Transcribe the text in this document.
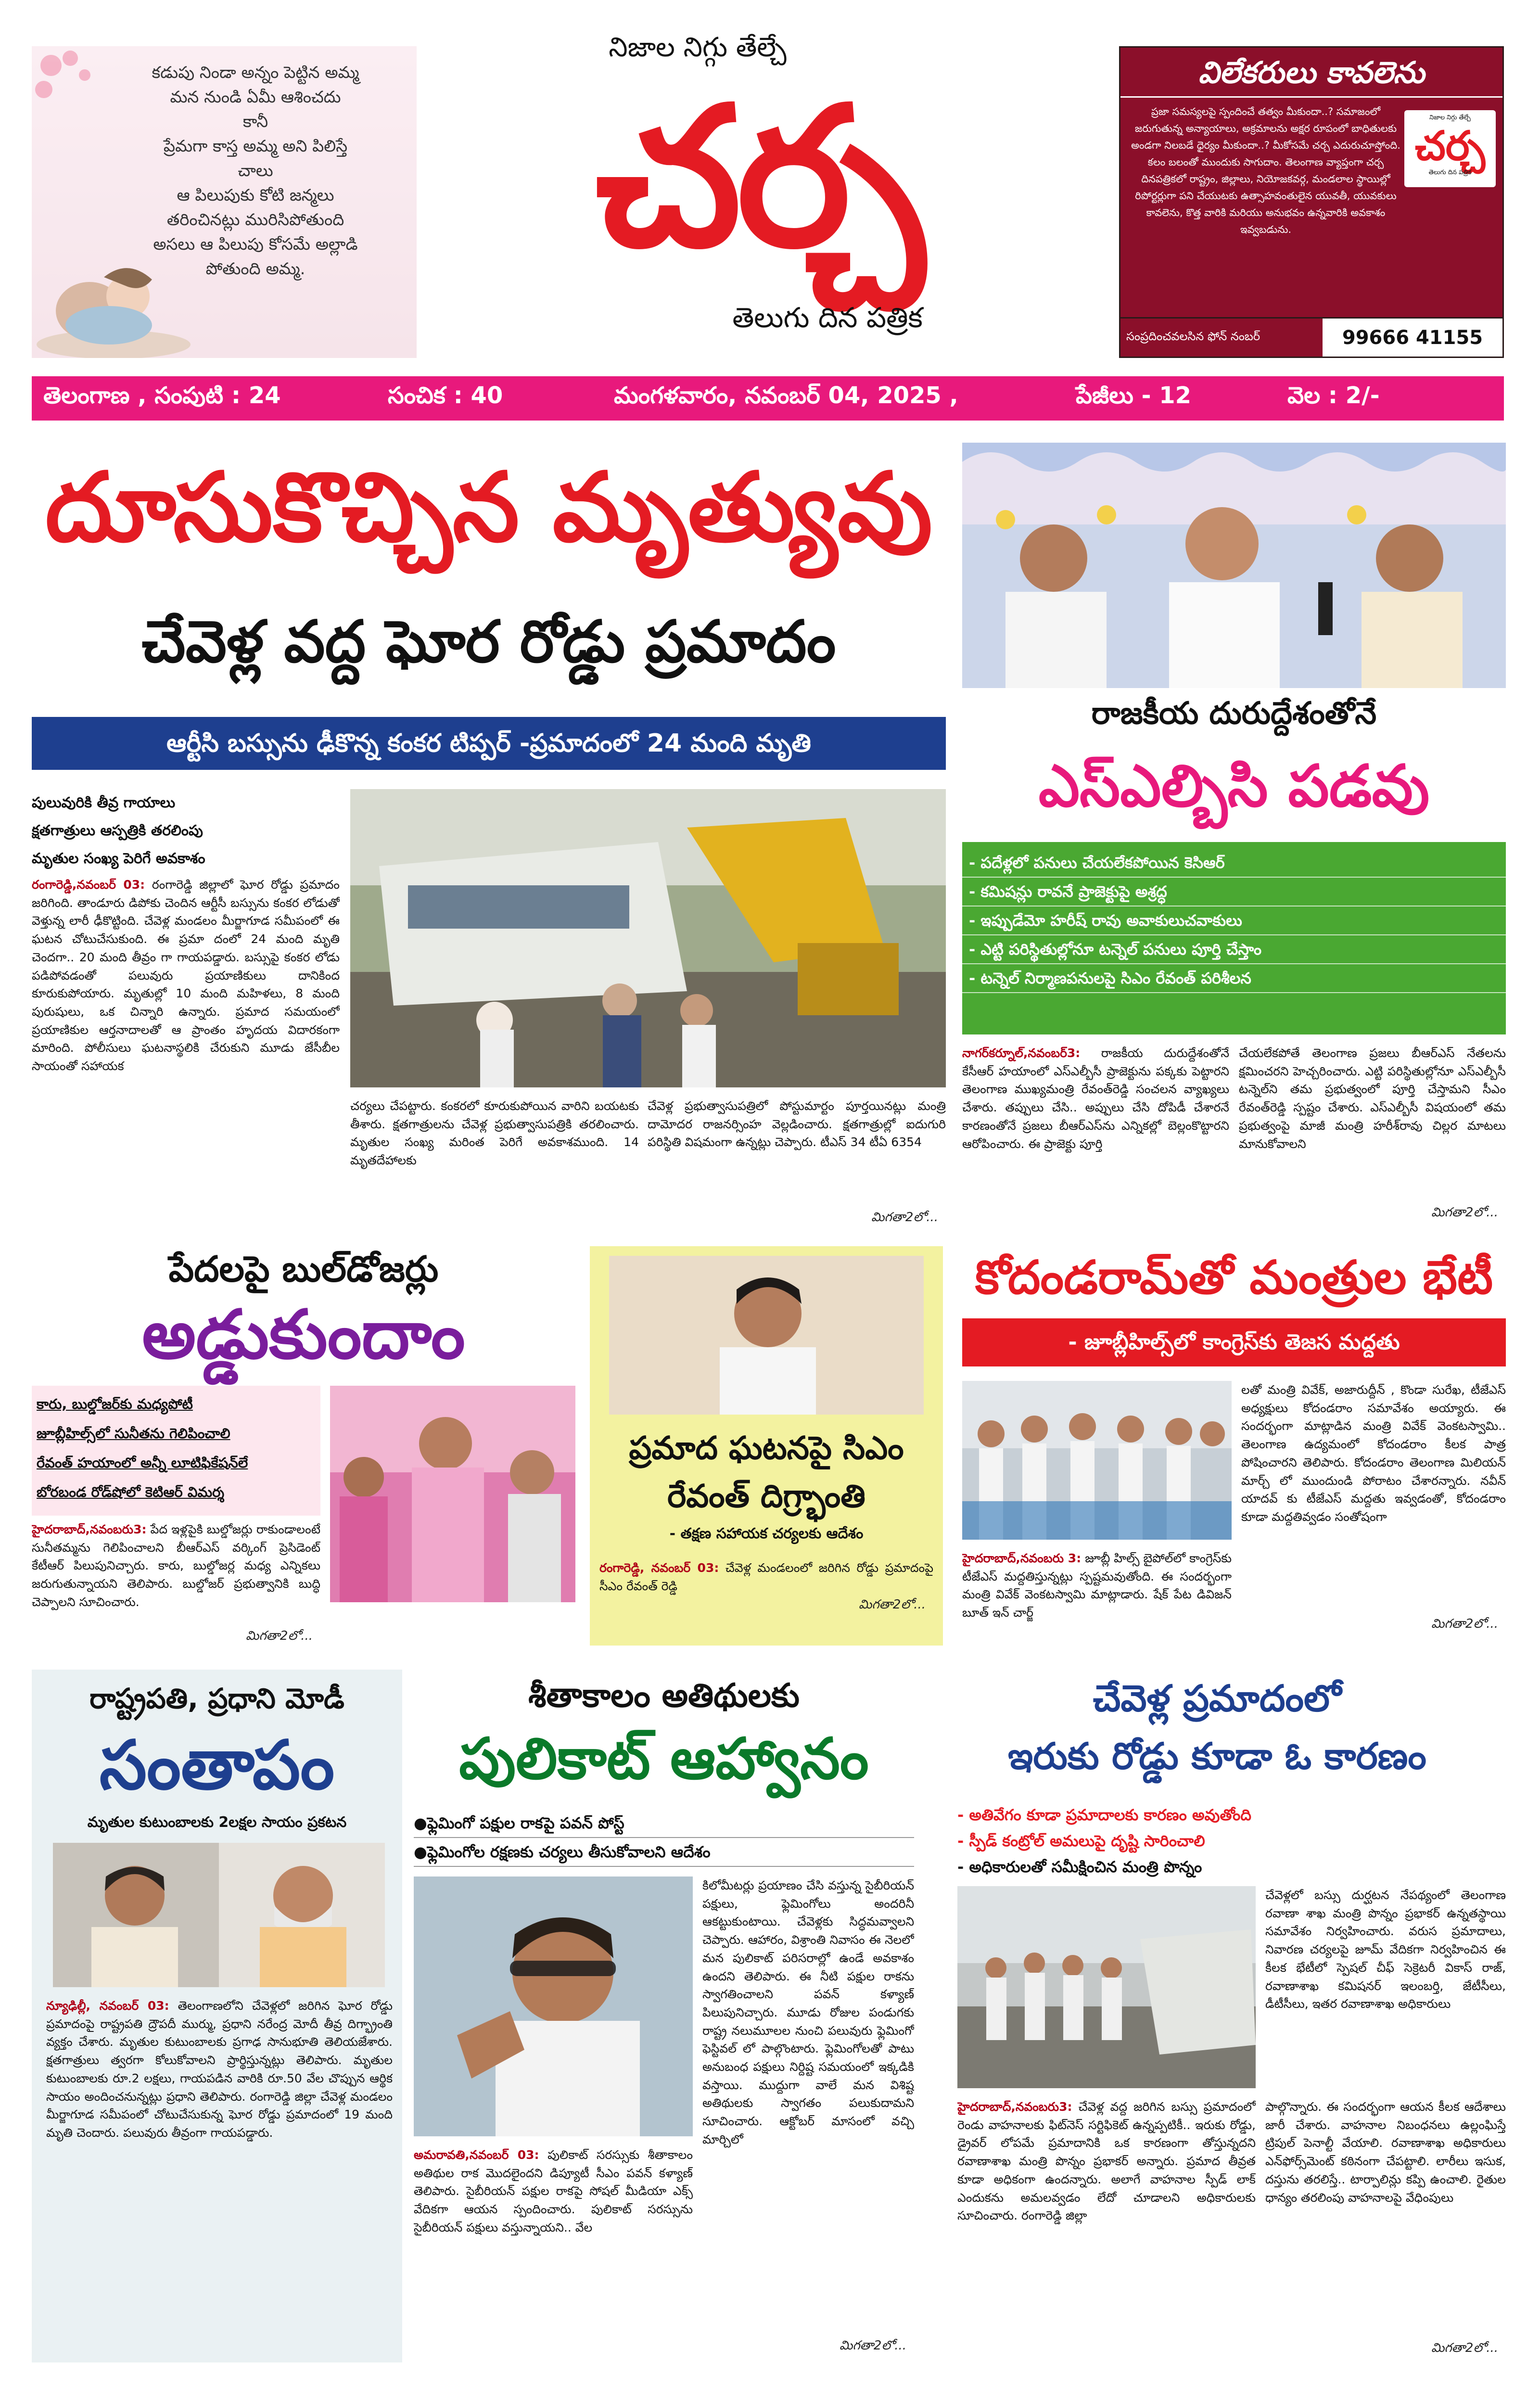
కడుపు నిండా అన్నం పెట్టిన అమ్మ
మన నుండి ఏమీ ఆశించదు
కానీ
ప్రేమగా కాస్త అమ్మ అని పిలిస్తే
చాలు
ఆ పిలుపుకు కోటి జన్మలు
తరించినట్లు మురిసిపోతుంది
అసలు ఆ పిలుపు కోసమే అల్లాడి
పోతుంది అమ్మ.
నిజాల నిగ్గు తేల్చే
చర్చ
తెలుగు దిన పత్రిక
విలేకరులు కావలెను
ప్రజా సమస్యలపై స్పందించే తత్వం మీకుందా..? సమాజంలో జరుగుతున్న అన్యాయాలు, అక్రమాలను అక్షర రూపంలో బాధితులకు అండగా నిలబడే ధైర్యం మీకుందా..? మీకోసమే చర్చ ఎదురుచూస్తోంది. కలం బలంతో ముందుకు సాగుదాం. తెలంగాణ వ్యాప్తంగా చర్చ దినపత్రికలో రాష్ట్రం, జిల్లాలు, నియోజకవర్గ, మండలాల స్థాయిల్లో రిపోర్టర్లుగా పని చేయుటకు ఉత్సాహవంతులైన యువతీ, యువకులు కావలెను, కొత్త వారికి మరియు అనుభవం ఉన్నవారికి అవకాశం ఇవ్వబడును.
నిజాల నిగ్గు తేల్చే
చర్చ
తెలుగు దిన పత్రిక
సంప్రదించవలసిన ఫోన్ నంబర్	99666 41155
తెలంగాణ , సంపుటి : 24	సంచిక : 40	మంగళవారం, నవంబర్ 04, 2025 ,	పేజీలు - 12	వెల : 2/-
దూసుకొచ్చిన మృత్యువు
చేవెళ్ల వద్ద ఘోర రోడ్డు ప్రమాదం
ఆర్టీసి బస్సును ఢీకొన్న కంకర టిప్పర్ -ప్రమాదంలో 24 మంది మృతి
పులువురికి తీవ్ర గాయాలు
క్షతగాత్రులు ఆస్పత్రికి తరలింపు
మృతుల సంఖ్య పెరిగే అవకాశం
రంగారెడ్డి,నవంబర్ 03: రంగారెడ్డి జిల్లాలో ఘోర రోడ్డు ప్రమాదం జరిగింది. తాండూరు డిపోకు చెందిన ఆర్టీసీ బస్సును కంకర లోడుతో వెళ్తున్న లారీ ఢీకొట్టింది. చేవెళ్ల మండలం మీర్జాగూడ సమీపంలో ఈ ఘటన చోటుచేసుకుంది. ఈ ప్రమా దంలో 24 మంది మృతి చెందగా.. 20 మంది తీవ్రం గా గాయపడ్డారు. బస్సుపై కంకర లోడు పడిపోవడంతో పలువురు ప్రయాణికులు దానికింద కూరుకుపోయారు. మృతుల్లో 10 మంది మహిళలు, 8 మంది పురుషులు, ఒక చిన్నారి ఉన్నారు. ప్రమాద సమయంలో ప్రయాణికుల ఆర్తనాదాలతో ఆ ప్రాంతం హృదయ విదారకంగా మారింది. పోలీసులు ఘటనాస్థలికి చేరుకుని మూడు జేసీబీల సాయంతో సహాయక
చర్యలు చేపట్టారు. కంకరలో కూరుకుపోయిన వారిని బయటకు తీశారు. క్షతగాత్రులను చేవెళ్ల ప్రభుత్వాసుపత్రికి తరలించారు. మృతుల సంఖ్య మరింత పెరిగే అవకాశముంది. 14 మృతదేహాలకు
చేవెళ్ల ప్రభుత్వాసుపత్రిలో పోస్టుమార్టం పూర్తయినట్లు మంత్రి దామోదర రాజనర్సింహ వెల్లడించారు. క్షతగాత్రుల్లో ఐదుగురి పరిస్థితి విషమంగా ఉన్నట్లు చెప్పారు. టీఎస్ 34 టీఏ 6354
మిగతా2లో...
రాజకీయ దురుద్దేశంతోనే
ఎస్ఎల్బిసి పడవు
- పదేళ్లలో పనులు చేయలేకపోయిన కెసిఆర్
- కమిషన్లు రావనే ప్రాజెక్టుపై అశ్రద్ధ
- ఇప్పుడేమో హరీష్ రావు అవాకులుచవాకులు
- ఎట్టి పరిస్థితుల్లోనూ టన్నెల్ పనులు పూర్తి చేస్తాం
- టన్నెల్ నిర్మాణపనులపై సిఎం రేవంత్ పరిశీలన
నాగర్‌కర్నూల్,నవంబర్3: రాజకీయ దురుద్దేశంతోనే కేసీఆర్ హయాంలో ఎస్ఎల్బీసీ ప్రాజెక్టును పక్కకు పెట్టారని తెలంగాణ ముఖ్యమంత్రి రేవంత్‌రెడ్డి సంచలన వ్యాఖ్యలు చేశారు. తప్పులు చేసి.. అప్పులు చేసి దోపిడీ చేశారనే కారణంతోనే ప్రజలు బీఆర్ఎస్‌ను ఎన్నికల్లో బెల్లంకొట్టారని ఆరోపించారు. ఈ ప్రాజెక్టు పూర్తి
చేయలేకపోతే తెలంగాణ ప్రజలు బీఆర్ఎస్ నేతలను క్షమించరని హెచ్చరించారు. ఎట్టి పరిస్థితుల్లోనూ ఎస్ఎల్బీసీ టన్నెల్‌ని తమ ప్రభుత్వంలో పూర్తి చేస్తామని సీఎం రేవంత్‌రెడ్డి స్పష్టం చేశారు. ఎస్ఎల్బీసీ విషయంలో తమ ప్రభుత్వంపై మాజీ మంత్రి హరీశ్‌రావు చిల్లర మాటలు మానుకోవాలని
మిగతా2లో...
పేదలపై బుల్‌డోజర్లు
అడ్డుకుందాం
కారు, బుల్డోజర్‌కు మధ్యపోటీ
జూబ్లీహిల్స్‌లో సునీతను గెలిపించాలి
రేవంత్ హయాంలో అన్నీ లూటిఫికేషన్‌లే
బోరబండ రోడ్‌షోలో కెటిఆర్ విమర్శ
హైదరాబాద్,నవంబరు3: పేద ఇళ్లపైకి బుల్డోజర్లు రాకుండాలంటే సునీతమ్మను గెలిపించాలని బీఆర్ఎస్ వర్కింగ్ ప్రెసిడెంట్ కేటీఆర్ పిలుపునిచ్చారు. కారు, బుల్డోజర్ల మధ్య ఎన్నికలు జరుగుతున్నాయని తెలిపారు. బుల్డోజర్ ప్రభుత్వానికి బుద్ధి చెప్పాలని సూచించారు.
మిగతా2లో...
ప్రమాద ఘటనపై సిఎం రేవంత్ దిగ్ర్భాంతి
- తక్షణ సహాయక చర్యలకు ఆదేశం
రంగారెడ్డి, నవంబర్ 03: చేవెళ్ల మండలంలో జరిగిన రోడ్డు ప్రమాదంపై సీఎం రేవంత్ రెడ్డి
మిగతా2లో...
కోదండరామ్‌తో మంత్రుల భేటీ
- జూబ్లీహిల్స్‌లో కాంగ్రెస్‌కు తెజస మద్దతు
లతో మంత్రి వివేక్, అజారుద్దీన్ , కొండా సురేఖ, టీజేఎస్ అధ్యక్షులు కోదండరాం సమావేశం అయ్యారు. ఈ సందర్భంగా మాట్లాడిన మంత్రి వివేక్ వెంకటస్వామి.. తెలంగాణ ఉద్యమంలో కోదండరాం కీలక పాత్ర పోషించారని తెలిపారు. కోదండరాం తెలంగాణ మిలియన్ మార్చ్ లో ముందుండి పోరాటం చేశారన్నారు. నవీన్ యాదవ్ కు టీజేఎస్ మద్దతు ఇవ్వడంతో, కోదండరాం కూడా మద్దతివ్వడం సంతోషంగా
హైదరాబాద్,నవంబరు 3: జూబ్లీ హిల్స్ బైపోల్‌లో కాంగ్రెస్‌కు టీజేఎస్ మద్దతిస్తున్నట్లు స్పష్టమవుతోంది. ఈ సందర్భంగా మంత్రి వివేక్ వెంకటస్వామి మాట్లాడారు. షేక్ పేట డివిజన్ బూత్ ఇన్ చార్జ్
మిగతా2లో...
రాష్ట్రపతి, ప్రధాని మోడీ
సంతాపం
మృతుల కుటుంబాలకు 2లక్షల సాయం ప్రకటన
న్యూఢిల్లీ, నవంబర్ 03: తెలంగాణలోని చేవెళ్లలో జరిగిన ఘోర రోడ్డు ప్రమాదంపై రాష్ట్రపతి ద్రౌపదీ ముర్ము, ప్రధాని నరేంద్ర మోదీ తీవ్ర దిగ్భ్రాంతి వ్యక్తం చేశారు. మృతుల కుటుంబాలకు ప్రగాఢ సానుభూతి తెలియజేశారు. క్షతగాత్రులు త్వరగా కోలుకోవాలని ప్రార్థిస్తున్నట్లు తెలిపారు. మృతుల కుటుంబాలకు రూ.2 లక్షలు, గాయపడిన వారికి రూ.50 వేల చొప్పున ఆర్థిక సాయం అందించనున్నట్లు ప్రధాని తెలిపారు. రంగారెడ్డి జిల్లా చేవెళ్ల మండలం మీర్జాగూడ సమీపంలో చోటుచేసుకున్న ఘోర రోడ్డు ప్రమాదంలో 19 మంది మృతి చెందారు. పలువురు తీవ్రంగా గాయపడ్డారు.
శీతాకాలం అతిథులకు
పులికాట్ ఆహ్వానం
●ఫ్లెమింగో పక్షుల రాకపై పవన్ పోస్ట్
●ఫ్లెమింగోల రక్షణకు చర్యలు తీసుకోవాలని ఆదేశం
కిలోమీటర్లు ప్రయాణం చేసి వస్తున్న సైబీరియన్ పక్షులు, ఫ్లెమింగోలు అందరినీ ఆకట్టుకుంటాయి. చేవెళ్లకు సిద్ధమవ్వాలని చెప్పారు. ఆహారం, విశ్రాంతి నివాసం ఈ నెలలో మన పులికాట్ పరిసరాల్లో ఉండే అవకాశం ఉందని తెలిపారు. ఈ నీటి పక్షుల రాకను స్వాగతించాలని పవన్ కళ్యాణ్ పిలుపునిచ్చారు. మూడు రోజుల పండుగకు రాష్ట్ర నలుమూలల నుంచి పలువురు ఫ్లెమింగో ఫెస్టివల్ లో పాల్గొంటారు. ఫ్లెమింగోలతో పాటు అనుబంధ పక్షులు నిర్దిష్ట సమయంలో ఇక్కడికి వస్తాయి. ముద్దుగా వాలే మన విశిష్ట అతిథులకు స్వాగతం పలుకుదామని సూచించారు. ఆక్టోబర్ మాసంలో వచ్చి మార్చిలో
అమరావతి,నవంబర్ 03: పులికాట్ సరస్సుకు శీతాకాలం అతిథుల రాక మొదలైందని డిప్యూటీ సీఎం పవన్ కళ్యాణ్ తెలిపారు. సైబీరియన్ పక్షుల రాకపై సోషల్ మీడియా ఎక్స్ వేదికగా ఆయన స్పందించారు. పులికాట్ సరస్సును సైబీరియన్ పక్షులు వస్తున్నాయని.. వేల
మిగతా2లో...
చేవెళ్ల ప్రమాదంలో
ఇరుకు రోడ్డు కూడా ఓ కారణం
- అతివేగం కూడా ప్రమాదాలకు కారణం అవుతోంది
- స్పీడ్ కంట్రోల్ అమలుపై దృష్టి సారించాలి
- అధికారులతో సమీక్షించిన మంత్రి పొన్నం
చేవెళ్లలో బస్సు దుర్ఘటన నేపథ్యంలో తెలంగాణ రవాణా శాఖ మంత్రి పొన్నం ప్రభాకర్ ఉన్నతస్థాయి సమావేశం నిర్వహించారు. వరుస ప్రమాదాలు, నివారణ చర్యలపై జూమ్ వేదికగా నిర్వహించిన ఈ కీలక భేటీలో స్పెషల్ చీఫ్ సెక్రెటరీ వికాస్ రాజ్, రవాణాశాఖ కమిషనర్ ఇలంబర్తి, జేటీసీలు, డీటీసీలు, ఇతర రవాణాశాఖ అధికారులు
హైదరాబాద్,నవంబరు3: చేవెళ్ల వద్ద జరిగిన బస్సు ప్రమాదంలో రెండు వాహనాలకు ఫిట్‌నెస్ సర్టిఫికెట్ ఉన్నప్పటికీ.. ఇరుకు రోడ్డు, డ్రైవర్ లోపమే ప్రమాదానికి ఒక కారణంగా తోస్తున్నదని రవాణాశాఖ మంత్రి పొన్నం ప్రభాకర్ అన్నారు. ప్రమాద తీవ్రత కూడా అధికంగా ఉందన్నారు. అలాగే వాహనాల స్పీడ్ లాక్ ఎందుకను అమలవ్వడం లేదో చూడాలని అధికారులకు సూచించారు. రంగారెడ్డి జిల్లా
పాల్గొన్నారు. ఈ సందర్భంగా ఆయన కీలక ఆదేశాలు జారీ చేశారు. వాహనాల నిబంధనలు ఉల్లంఘిస్తే ట్రిపుల్ పెనాల్టీ వేయాలి. రవాణాశాఖ అధికారులు ఎన్‌ఫోర్స్‌మెంట్ కఠినంగా చేపట్టాలి. లారీలు ఇసుక, దస్తును తరలిస్తే.. టార్పాలిన్లు కప్పి ఉంచాలి. రైతుల ధాన్యం తరలింపు వాహనాలపై వేధింపులు
మిగతా2లో...
